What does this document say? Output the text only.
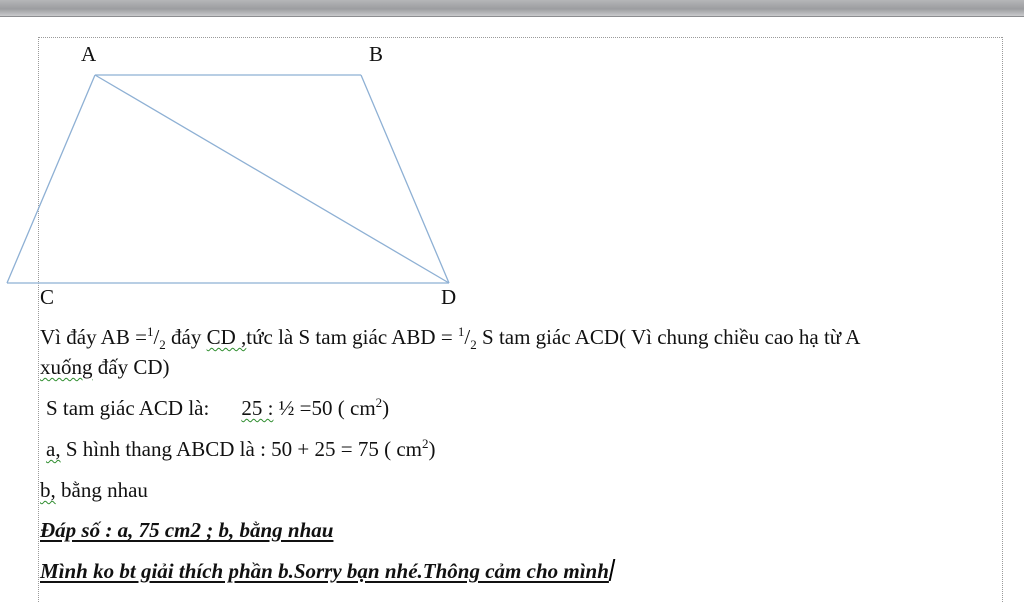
A	B
C	D
Vì đáy AB $=^1/_2$ đáy CD ,tức là S tam giác ABD = $^1/_2$ S tam giác ACD( Vì chung chiều cao hạ từ A
xuống đấy CD)
S tam giác ACD là: 25 : ½ =50 ( $cm^2$)
a, S hình thang ABCD là : 50 + 25 = 75 ( $cm^2$)
b, bằng nhau
Đáp số : a, 75 cm2 ; b, bằng nhau
Mình ko bt giải thích phần b.Sorry bạn nhé.Thông cảm cho mình
